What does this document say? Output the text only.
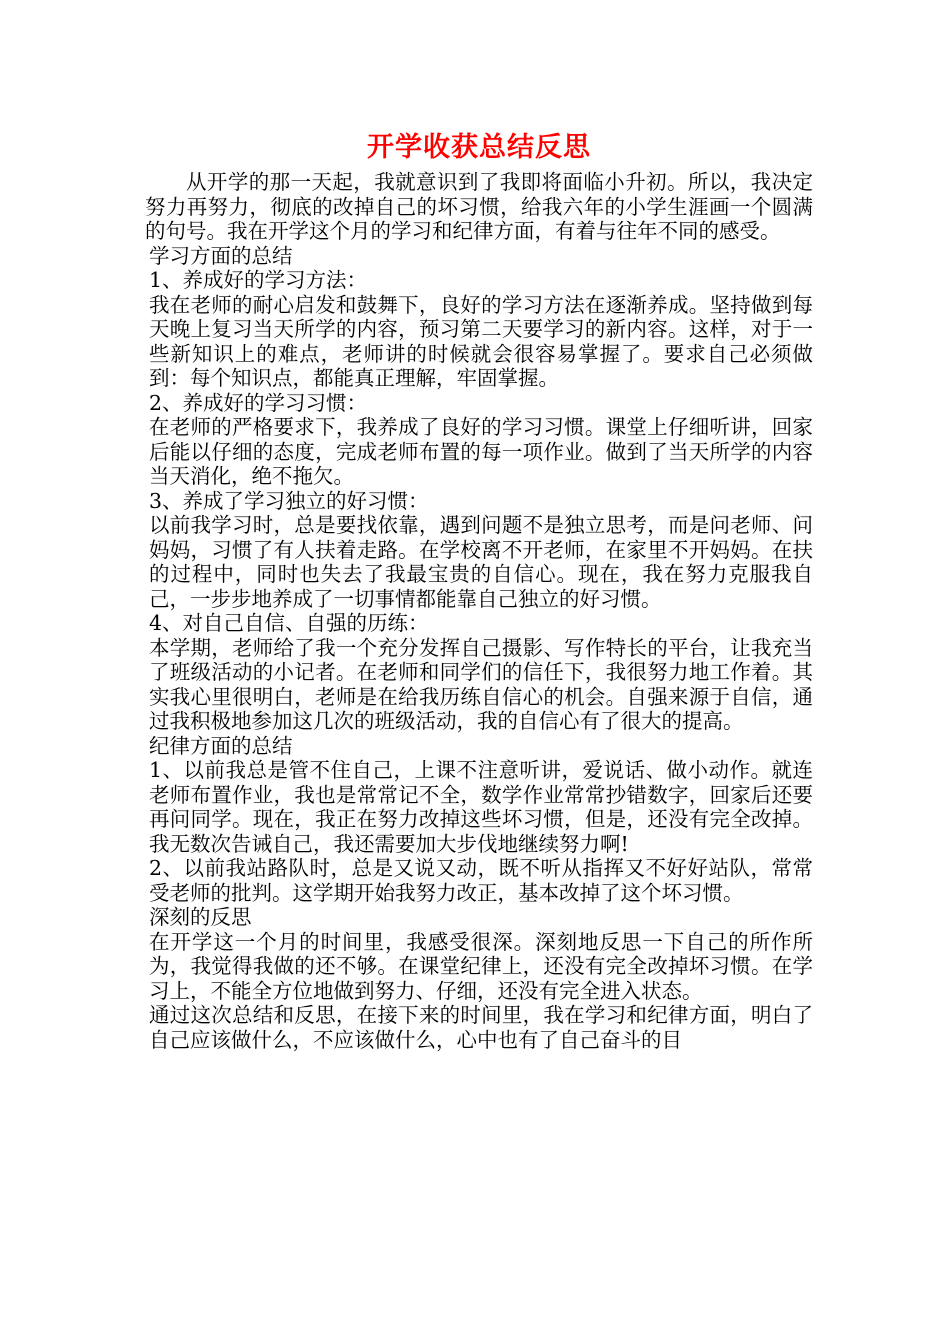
开学收获总结反思
从开学的那一天起，我就意识到了我即将面临小升初。所以，我决定努力再努力，彻底的改掉自己的坏习惯，给我六年的小学生涯画一个圆满的句号。我在开学这个月的学习和纪律方面，有着与往年不同的感受。
学习方面的总结
1、养成好的学习方法：
我在老师的耐心启发和鼓舞下，良好的学习方法在逐渐养成。坚持做到每天晚上复习当天所学的内容，预习第二天要学习的新内容。这样，对于一些新知识上的难点，老师讲的时候就会很容易掌握了。要求自己必须做到：每个知识点，都能真正理解，牢固掌握。
2、养成好的学习习惯：
在老师的严格要求下，我养成了良好的学习习惯。课堂上仔细听讲，回家后能以仔细的态度，完成老师布置的每一项作业。做到了当天所学的内容当天消化，绝不拖欠。
3、养成了学习独立的好习惯：
以前我学习时，总是要找依靠，遇到问题不是独立思考，而是问老师、问妈妈，习惯了有人扶着走路。在学校离不开老师，在家里不开妈妈。在扶的过程中，同时也失去了我最宝贵的自信心。现在，我在努力克服我自己，一步步地养成了一切事情都能靠自己独立的好习惯。
4、对自己自信、自强的历练：
本学期，老师给了我一个充分发挥自己摄影、写作特长的平台，让我充当了班级活动的小记者。在老师和同学们的信任下，我很努力地工作着。其实我心里很明白，老师是在给我历练自信心的机会。自强来源于自信，通过我积极地参加这几次的班级活动，我的自信心有了很大的提高。
纪律方面的总结
1、以前我总是管不住自己，上课不注意听讲，爱说话、做小动作。就连老师布置作业，我也是常常记不全，数学作业常常抄错数字，回家后还要再问同学。现在，我正在努力改掉这些坏习惯，但是，还没有完全改掉。我无数次告诫自己，我还需要加大步伐地继续努力啊!
2、以前我站路队时，总是又说又动，既不听从指挥又不好好站队，常常受老师的批判。这学期开始我努力改正，基本改掉了这个坏习惯。
深刻的反思
在开学这一个月的时间里，我感受很深。深刻地反思一下自己的所作所为，我觉得我做的还不够。在课堂纪律上，还没有完全改掉坏习惯。在学习上，不能全方位地做到努力、仔细，还没有完全进入状态。
通过这次总结和反思，在接下来的时间里，我在学习和纪律方面，明白了自己应该做什么，不应该做什么，心中也有了自己奋斗的目
